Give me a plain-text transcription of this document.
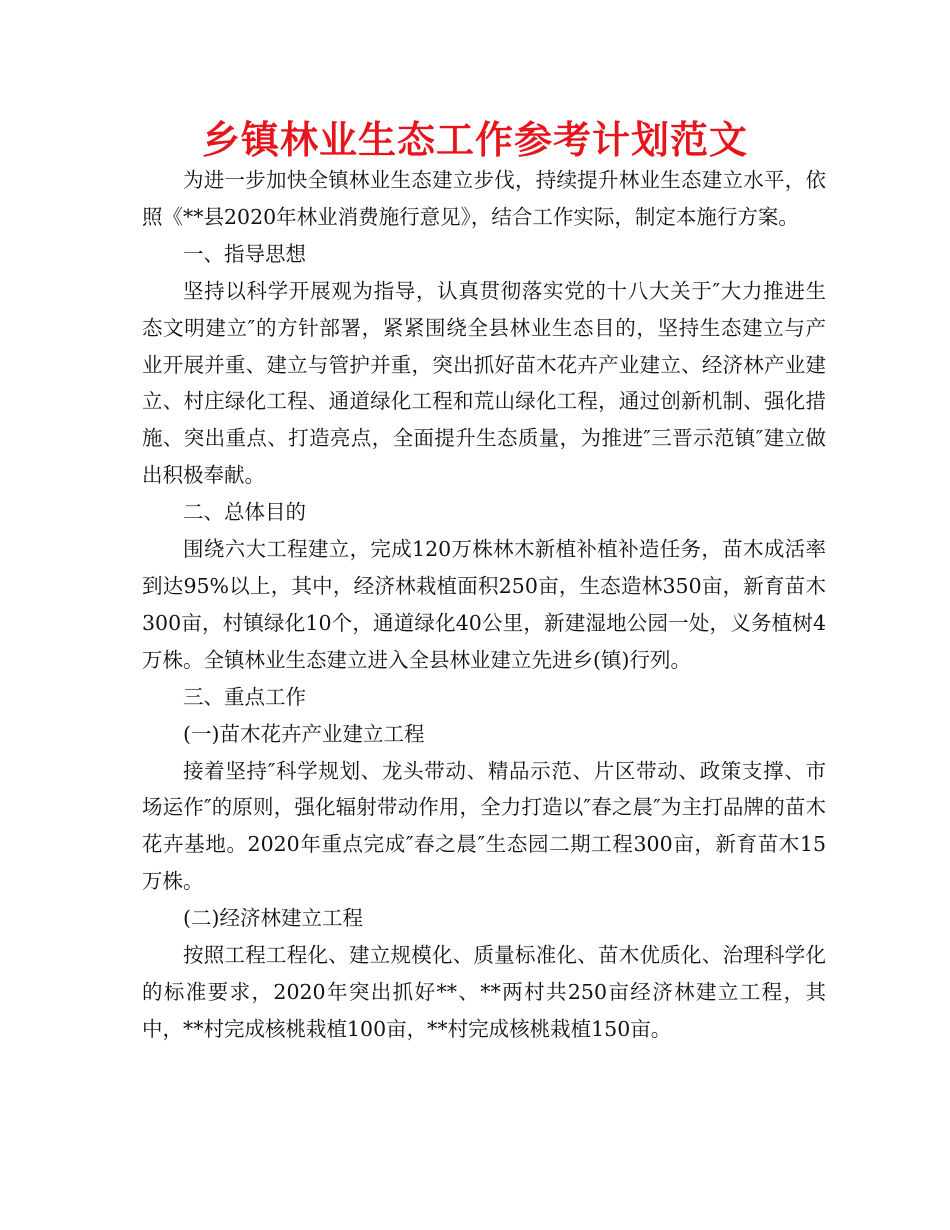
乡镇林业生态工作参考计划范文

为进一步加快全镇林业生态建立步伐，持续提升林业生态建立水平，依照《**县2020年林业消费施行意见》，结合工作实际，制定本施行方案。

一、指导思想

坚持以科学开展观为指导，认真贯彻落实党的十八大关于″大力推进生态文明建立″的方针部署，紧紧围绕全县林业生态目的，坚持生态建立与产业开展并重、建立与管护并重，突出抓好苗木花卉产业建立、经济林产业建立、村庄绿化工程、通道绿化工程和荒山绿化工程，通过创新机制、强化措施、突出重点、打造亮点，全面提升生态质量，为推进″三晋示范镇″建立做出积极奉献。

二、总体目的

围绕六大工程建立，完成120万株林木新植补植补造任务，苗木成活率到达95%以上，其中，经济林栽植面积250亩，生态造林350亩，新育苗木300亩，村镇绿化10个，通道绿化40公里，新建湿地公园一处，义务植树4万株。全镇林业生态建立进入全县林业建立先进乡(镇)行列。

三、重点工作

(一)苗木花卉产业建立工程

接着坚持″科学规划、龙头带动、精品示范、片区带动、政策支撑、市场运作″的原则，强化辐射带动作用，全力打造以″春之晨″为主打品牌的苗木花卉基地。2020年重点完成″春之晨″生态园二期工程300亩，新育苗木15万株。

(二)经济林建立工程

按照工程工程化、建立规模化、质量标准化、苗木优质化、治理科学化的标准要求，2020年突出抓好**、**两村共250亩经济林建立工程，其中，**村完成核桃栽植100亩，**村完成核桃栽植150亩。
